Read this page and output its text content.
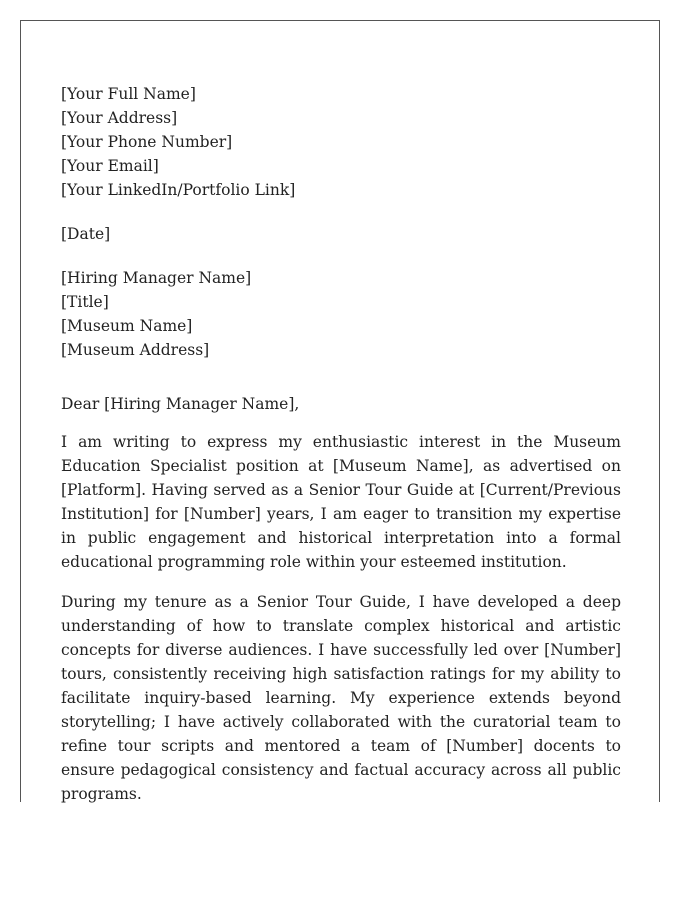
[Your Full Name]
[Your Address]
[Your Phone Number]
[Your Email]
[Your LinkedIn/Portfolio Link]
[Date]
[Hiring Manager Name]
[Title]
[Museum Name]
[Museum Address]
Dear [Hiring Manager Name],

I am writing to express my enthusiastic interest in the Museum Education Specialist position at [Museum Name], as advertised on [Platform]. Having served as a Senior Tour Guide at [Current/Previous Institution] for [Number] years, I am eager to transition my expertise in public engagement and historical interpretation into a formal educational programming role within your esteemed institution.

During my tenure as a Senior Tour Guide, I have developed a deep understanding of how to translate complex historical and artistic concepts for diverse audiences. I have successfully led over [Number] tours, consistently receiving high satisfaction ratings for my ability to facilitate inquiry-based learning. My experience extends beyond storytelling; I have actively collaborated with the curatorial team to refine tour scripts and mentored a team of [Number] docents to ensure pedagogical consistency and factual accuracy across all public programs.
